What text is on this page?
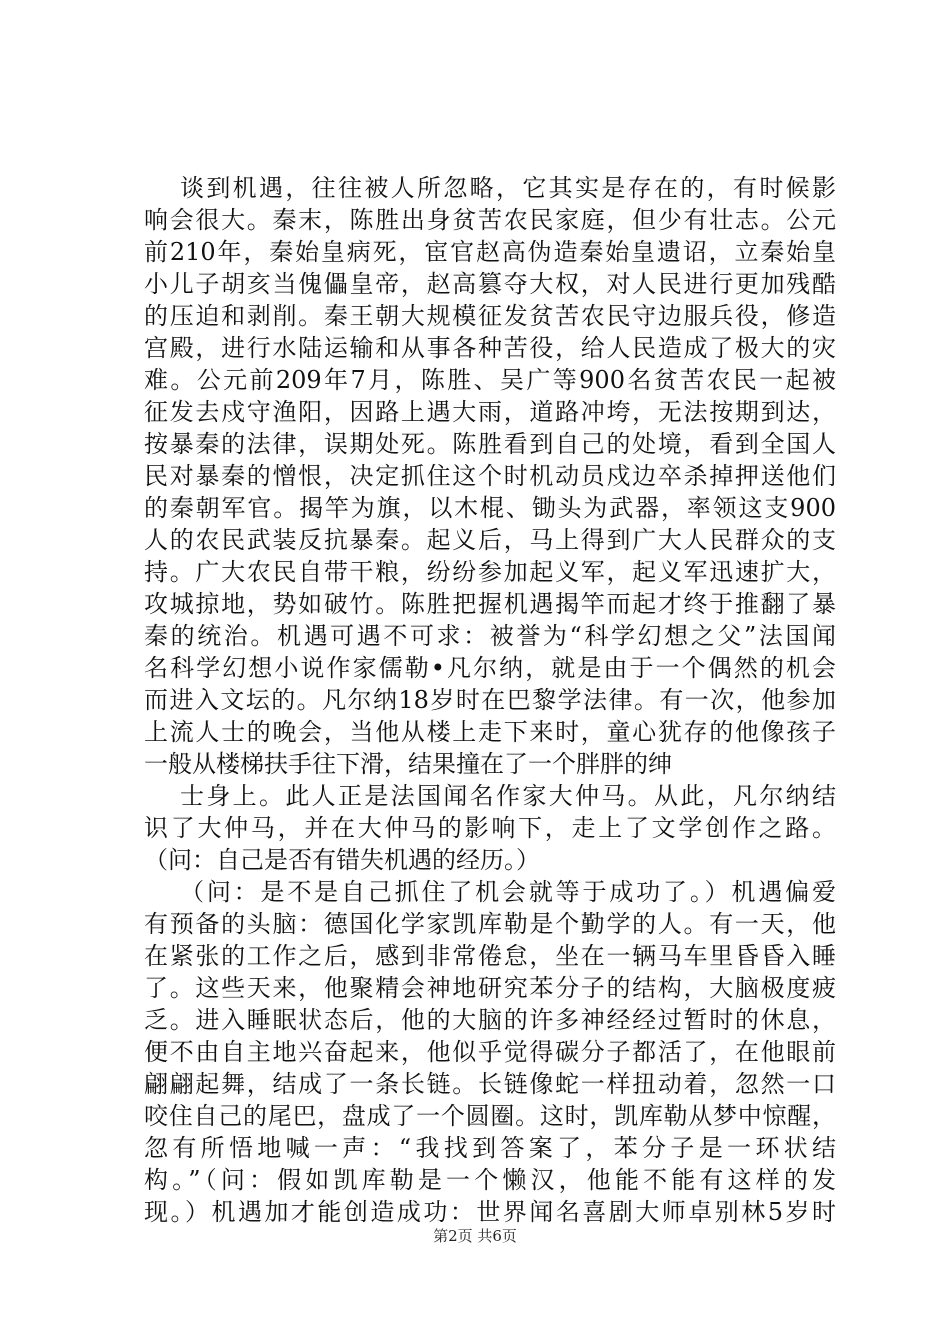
谈到机遇，往往被人所忽略，它其实是存在的，有时候影
响会很大。秦末，陈胜出身贫苦农民家庭，但少有壮志。公元
前210年，秦始皇病死，宦官赵高伪造秦始皇遗诏，立秦始皇
小儿子胡亥当傀儡皇帝，赵高篡夺大权，对人民进行更加残酷
的压迫和剥削。秦王朝大规模征发贫苦农民守边服兵役，修造
宫殿，进行水陆运输和从事各种苦役，给人民造成了极大的灾
难。公元前209年7月，陈胜、吴广等900名贫苦农民一起被
征发去戍守渔阳，因路上遇大雨，道路冲垮，无法按期到达，
按暴秦的法律，误期处死。陈胜看到自己的处境，看到全国人
民对暴秦的憎恨，决定抓住这个时机动员戍边卒杀掉押送他们
的秦朝军官。揭竿为旗，以木棍、锄头为武器，率领这支900
人的农民武装反抗暴秦。起义后，马上得到广大人民群众的支
持。广大农民自带干粮，纷纷参加起义军，起义军迅速扩大，
攻城掠地，势如破竹。陈胜把握机遇揭竿而起才终于推翻了暴
秦的统治。机遇可遇不可求：被誉为“科学幻想之父”法国闻
名科学幻想小说作家儒勒•凡尔纳，就是由于一个偶然的机会
而进入文坛的。凡尔纳18岁时在巴黎学法律。有一次，他参加
上流人士的晚会，当他从楼上走下来时，童心犹存的他像孩子
一般从楼梯扶手往下滑，结果撞在了一个胖胖的绅
士身上。此人正是法国闻名作家大仲马。从此，凡尔纳结
识了大仲马，并在大仲马的影响下，走上了文学创作之路。
（问：自己是否有错失机遇的经历。）
（问：是不是自己抓住了机会就等于成功了。）机遇偏爱
有预备的头脑：德国化学家凯库勒是个勤学的人。有一天，他
在紧张的工作之后，感到非常倦怠，坐在一辆马车里昏昏入睡
了。这些天来，他聚精会神地研究苯分子的结构，大脑极度疲
乏。进入睡眠状态后，他的大脑的许多神经经过暂时的休息，
便不由自主地兴奋起来，他似乎觉得碳分子都活了，在他眼前
翩翩起舞，结成了一条长链。长链像蛇一样扭动着，忽然一口
咬住自己的尾巴，盘成了一个圆圈。这时，凯库勒从梦中惊醒，
忽有所悟地喊一声：“我找到答案了，苯分子是一环状结
构。”（问：假如凯库勒是一个懒汉，他能不能有这样的发
现。）机遇加才能创造成功：世界闻名喜剧大师卓别林5岁时
第2页 共6页
